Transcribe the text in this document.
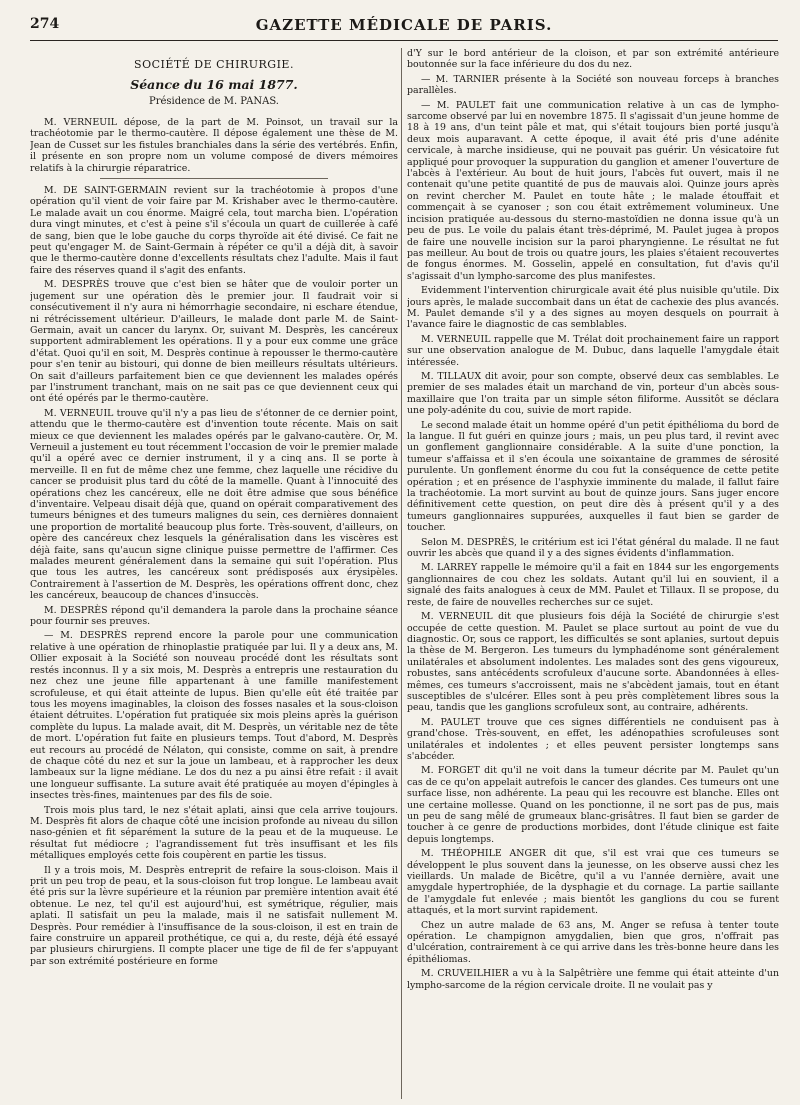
274	GAZETTE MÉDICALE DE PARIS.
SOCIÉTÉ DE CHIRURGIE.
Séance du 16 mai 1877.
Présidence de M. PANAS.

M. VERNEUIL dépose, de la part de M. Poinsot, un travail sur la trachéotomie par le thermo-cautère. Il dépose également une thèse de M. Jean de Cusset sur les fistules branchiales dans la série des vertébrés. Enfin, il présente en son propre nom un volume composé de divers mémoires relatifs à la chirurgie réparatrice.

M. DE SAINT-GERMAIN revient sur la trachéotomie à propos d'une opération qu'il vient de voir faire par M. Krishaber avec le thermo-cautère. Le malade avait un cou énorme. Maigré cela, tout marcha bien. L'opération dura vingt minutes, et c'est à peine s'il s'écoula un quart de cuillerée à café de sang, bien que le lobe gauche du corps thyroïde ait été divisé. Ce fait ne peut qu'engager M. de Saint-Germain à répéter ce qu'il a déjà dit, à savoir que le thermo-cautère donne d'excellents résultats chez l'adulte. Mais il faut faire des réserves quand il s'agit des enfants.

M. DESPRÈS trouve que c'est bien se hâter que de vouloir porter un jugement sur une opération dès le premier jour. Il faudrait voir si consécutivement il n'y aura ni hémorrhagie secondaire, ni eschare étendue, ni rétrécissement ultérieur. D'ailleurs, le malade dont parle M. de Saint-Germain, avait un cancer du larynx. Or, suivant M. Desprès, les cancéreux supportent admirablement les opérations. Il y a pour eux comme une grâce d'état. Quoi qu'il en soit, M. Desprès continue à repousser le thermo-cautère pour s'en tenir au bistouri, qui donne de bien meilleurs résultats ultérieurs. On sait d'ailleurs parfaitement bien ce que deviennent les malades opérés par l'instrument tranchant, mais on ne sait pas ce que deviennent ceux qui ont été opérés par le thermo-cautère.

M. VERNEUIL trouve qu'il n'y a pas lieu de s'étonner de ce dernier point, attendu que le thermo-cautère est d'invention toute récente. Mais on sait mieux ce que deviennent les malades opérés par le galvano-cautère. Or, M. Verneuil a justement eu tout récemment l'occasion de voir le premier malade qu'il a opéré avec ce dernier instrument, il y a cinq ans. Il se porte à merveille. Il en fut de même chez une femme, chez laquelle une récidive du cancer se produisit plus tard du côté de la mamelle. Quant à l'innocuité des opérations chez les cancéreux, elle ne doit être admise que sous bénéfice d'inventaire. Velpeau disait déjà que, quand on opérait comparativement des tumeurs bénignes et des tumeurs malignes du sein, ces dernières donnaient une proportion de mortalité beaucoup plus forte. Très-souvent, d'ailleurs, on opère des cancéreux chez lesquels la généralisation dans les viscères est déjà faite, sans qu'aucun signe clinique puisse permettre de l'affirmer. Ces malades meurent généralement dans la semaine qui suit l'opération. Plus que tous les autres, les cancéreux sont prédisposés aux érysipèles. Contrairement à l'assertion de M. Desprès, les opérations offrent donc, chez les cancéreux, beaucoup de chances d'insuccès.

M. DESPRÈS répond qu'il demandera la parole dans la prochaine séance pour fournir ses preuves.

— M. DESPRÈS reprend encore la parole pour une communication relative à une opération de rhinoplastie pratiquée par lui. Il y a deux ans, M. Ollier exposait à la Société son nouveau procédé dont les résultats sont restés inconnus. Il y a six mois, M. Desprès a entrepris une restauration du nez chez une jeune fille appartenant à une famille manifestement scrofuleuse, et qui était atteinte de lupus. Bien qu'elle eût été traitée par tous les moyens imaginables, la cloison des fosses nasales et la sous-cloison étaient détruites. L'opération fut pratiquée six mois pleins après la guérison complète du lupus. La malade avait, dit M. Desprès, un véritable nez de tête de mort. L'opération fut faite en plusieurs temps. Tout d'abord, M. Desprès eut recours au procédé de Nélaton, qui consiste, comme on sait, à prendre de chaque côté du nez et sur la joue un lambeau, et à rapprocher les deux lambeaux sur la ligne médiane. Le dos du nez a pu ainsi être refait : il avait une longueur suffisante. La suture avait été pratiquée au moyen d'épingles à insectes très-fines, maintenues par des fils de soie.

Trois mois plus tard, le nez s'était aplati, ainsi que cela arrive toujours. M. Desprès fit alors de chaque côté une incision profonde au niveau du sillon naso-génien et fit séparément la suture de la peau et de la muqueuse. Le résultat fut médiocre ; l'agrandissement fut très insuffisant et les fils métalliques employés cette fois coupèrent en partie les tissus.

Il y a trois mois, M. Desprès entreprit de refaire la sous-cloison. Mais il prit un peu trop de peau, et la sous-cloison fut trop longue. Le lambeau avait été pris sur la lèvre supérieure et la réunion par première intention avait été obtenue. Le nez, tel qu'il est aujourd'hui, est symétrique, régulier, mais aplati. Il satisfait un peu la malade, mais il ne satisfait nullement M. Desprès. Pour remédier à l'insuffisance de la sous-cloison, il est en train de faire construire un appareil prothétique, ce qui a, du reste, déjà été essayé par plusieurs chirurgiens. Il compte placer une tige de fil de fer s'appuyant par son extrémité postérieure en forme

d'Y sur le bord antérieur de la cloison, et par son extrémité antérieure boutonnée sur la face inférieure du dos du nez.

— M. TARNIER présente à la Société son nouveau forceps à branches parallèles.

— M. PAULET fait une communication relative à un cas de lympho-sarcome observé par lui en novembre 1875. Il s'agissait d'un jeune homme de 18 à 19 ans, d'un teint pâle et mat, qui s'était toujours bien porté jusqu'à deux mois auparavant. A cette époque, il avait été pris d'une adénite cervicale, à marche insidieuse, qui ne pouvait pas guérir. Un vésicatoire fut appliqué pour provoquer la suppuration du ganglion et amener l'ouverture de l'abcès à l'extérieur. Au bout de huit jours, l'abcès fut ouvert, mais il ne contenait qu'une petite quantité de pus de mauvais aloi. Quinze jours après on revint chercher M. Paulet en toute hâte ; le malade étouffait et commençait à se cyanoser ; son cou était extrêmement volumineux. Une incision pratiquée au-dessous du sterno-mastoïdien ne donna issue qu'à un peu de pus. Le voile du palais étant très-déprimé, M. Paulet jugea à propos de faire une nouvelle incision sur la paroi pharyngienne. Le résultat ne fut pas meilleur. Au bout de trois ou quatre jours, les plaies s'étaient recouvertes de fongus énormes. M. Gosselin, appelé en consultation, fut d'avis qu'il s'agissait d'un lympho-sarcome des plus manifestes.

Evidemment l'intervention chirurgicale avait été plus nuisible qu'utile. Dix jours après, le malade succombait dans un état de cachexie des plus avancés. M. Paulet demande s'il y a des signes au moyen desquels on pourrait à l'avance faire le diagnostic de cas semblables.

M. VERNEUIL rappelle que M. Trélat doit prochainement faire un rapport sur une observation analogue de M. Dubuc, dans laquelle l'amygdale était intéressée.

M. TILLAUX dit avoir, pour son compte, observé deux cas semblables. Le premier de ses malades était un marchand de vin, porteur d'un abcès sous-maxillaire que l'on traita par un simple séton filiforme. Aussitôt se déclara une poly-adénite du cou, suivie de mort rapide.

Le second malade était un homme opéré d'un petit épithélioma du bord de la langue. Il fut guéri en quinze jours ; mais, un peu plus tard, il revint avec un gonflement ganglionnaire considérable. A la suite d'une ponction, la tumeur s'affaissa et il s'en écoula une soixantaine de grammes de sérosité purulente. Un gonflement énorme du cou fut la conséquence de cette petite opération ; et en présence de l'asphyxie imminente du malade, il fallut faire la trachéotomie. La mort survint au bout de quinze jours. Sans juger encore définitivement cette question, on peut dire dès à présent qu'il y a des tumeurs ganglionnaires suppurées, auxquelles il faut bien se garder de toucher.

Selon M. DESPRÈS, le critérium est ici l'état général du malade. Il ne faut ouvrir les abcès que quand il y a des signes évidents d'inflammation.

M. LARREY rappelle le mémoire qu'il a fait en 1844 sur les engorgements ganglionnaires de cou chez les soldats. Autant qu'il lui en souvient, il a signalé des faits analogues à ceux de MM. Paulet et Tillaux. Il se propose, du reste, de faire de nouvelles recherches sur ce sujet.

M. VERNEUIL dit que plusieurs fois déjà la Société de chirurgie s'est occupée de cette question. M. Paulet se place surtout au point de vue du diagnostic. Or, sous ce rapport, les difficultés se sont aplanies, surtout depuis la thèse de M. Bergeron. Les tumeurs du lymphadénome sont généralement unilatérales et absolument indolentes. Les malades sont des gens vigoureux, robustes, sans antécédents scrofuleux d'aucune sorte. Abandonnées à elles-mêmes, ces tumeurs s'accroissent, mais ne s'abcèdent jamais, tout en étant susceptibles de s'ulcérer. Elles sont à peu près complètement libres sous la peau, tandis que les ganglions scrofuleux sont, au contraire, adhérents.

M. PAULET trouve que ces signes différentiels ne conduisent pas à grand'chose. Très-souvent, en effet, les adénopathies scrofuleuses sont unilatérales et indolentes ; et elles peuvent persister longtemps sans s'abcéder.

M. FORGET dit qu'il ne voit dans la tumeur décrite par M. Paulet qu'un cas de ce qu'on appelait autrefois le cancer des glandes. Ces tumeurs ont une surface lisse, non adhérente. La peau qui les recouvre est blanche. Elles ont une certaine mollesse. Quand on les ponctionne, il ne sort pas de pus, mais un peu de sang mêlé de grumeaux blanc-grisâtres. Il faut bien se garder de toucher à ce genre de productions morbides, dont l'étude clinique est faite depuis longtemps.

M. THÉOPHILE ANGER dit que, s'il est vrai que ces tumeurs se développent le plus souvent dans la jeunesse, on les observe aussi chez les vieillards. Un malade de Bicêtre, qu'il a vu l'année dernière, avait une amygdale hypertrophiée, de la dysphagie et du cornage. La partie saillante de l'amygdale fut enlevée ; mais bientôt les ganglions du cou se furent attaqués, et la mort survint rapidement.

Chez un autre malade de 63 ans, M. Anger se refusa à tenter toute opération. Le champignon amygdalien, bien que gros, n'offrait pas d'ulcération, contrairement à ce qui arrive dans les très-bonne heure dans les épithéliomas.

M. CRUVEILHIER a vu à la Salpêtrière une femme qui était atteinte d'un lympho-sarcome de la région cervicale droite. Il ne voulait pas y
